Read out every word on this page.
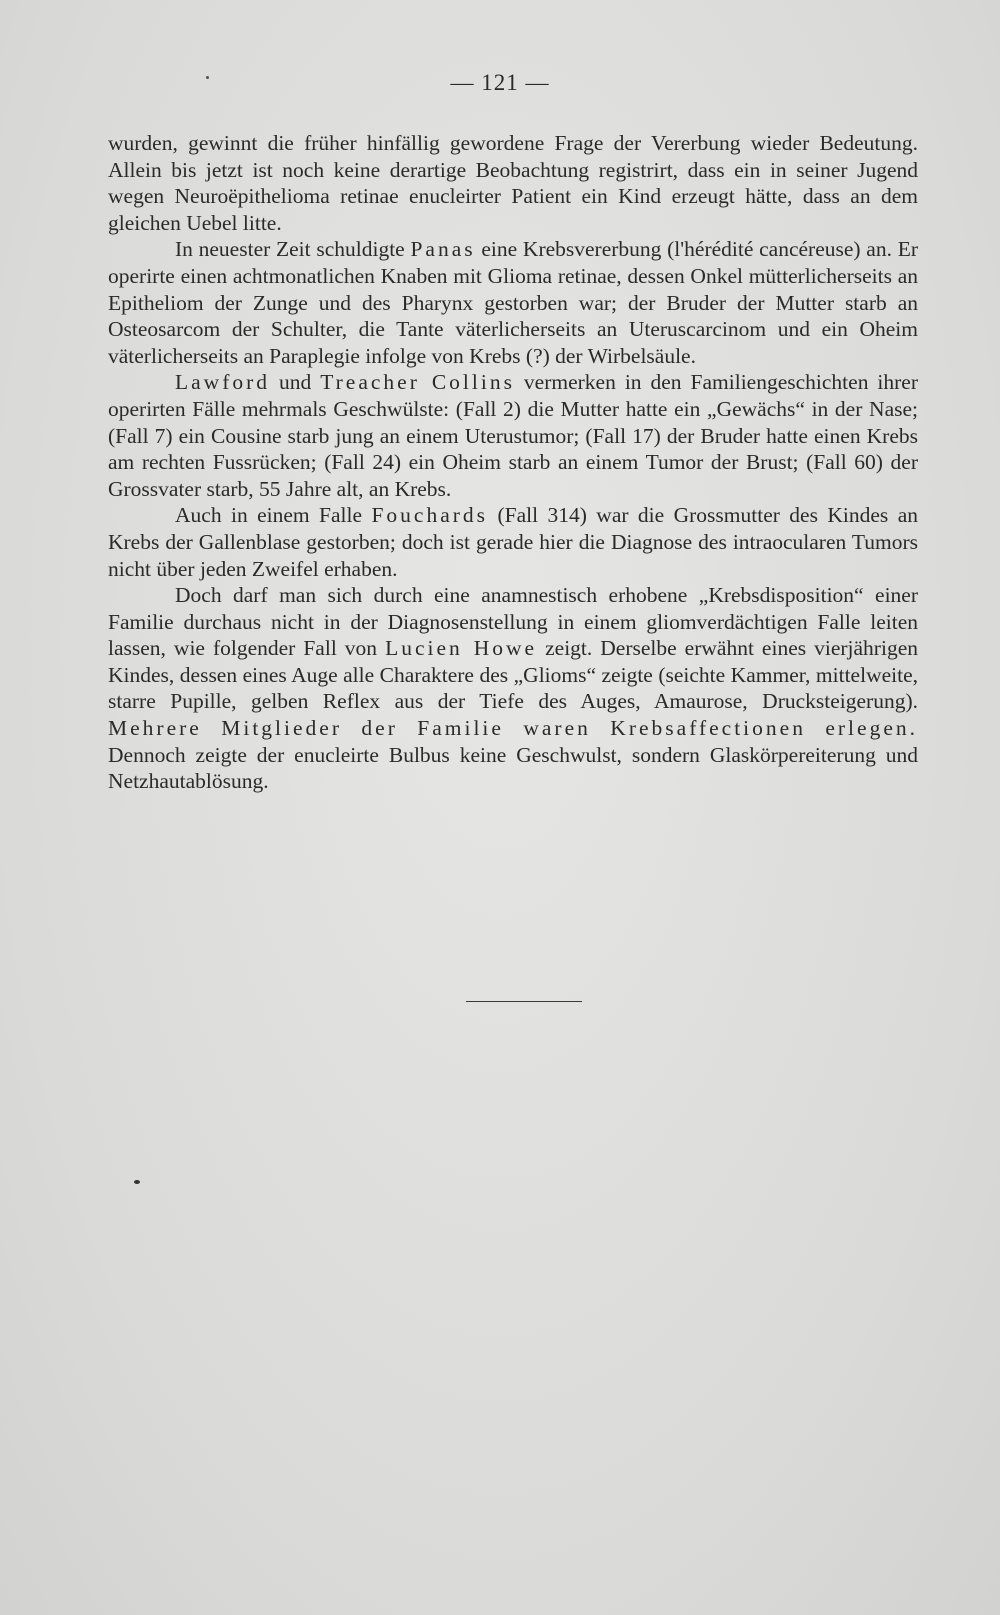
— 121 —

wurden, gewinnt die früher hinfällig gewordene Frage der Vererbung wieder Bedeutung. Allein bis jetzt ist noch keine derartige Beobachtung registrirt, dass ein in seiner Jugend wegen Neuroëpithelioma retinae enucleirter Patient ein Kind erzeugt hätte, dass an dem gleichen Uebel litte.

In neuester Zeit schuldigte Panas eine Krebsvererbung (l'hérédité cancéreuse) an. Er operirte einen achtmonatlichen Knaben mit Glioma retinae, dessen Onkel mütterlicherseits an Epitheliom der Zunge und des Pharynx gestorben war; der Bruder der Mutter starb an Osteosarcom der Schulter, die Tante väterlicherseits an Uteruscarcinom und ein Oheim väterlicherseits an Paraplegie infolge von Krebs (?) der Wirbelsäule.

Lawford und Treacher Collins vermerken in den Familiengeschichten ihrer operirten Fälle mehrmals Geschwülste: (Fall 2) die Mutter hatte ein „Gewächs“ in der Nase; (Fall 7) ein Cousine starb jung an einem Uterustumor; (Fall 17) der Bruder hatte einen Krebs am rechten Fussrücken; (Fall 24) ein Oheim starb an einem Tumor der Brust; (Fall 60) der Grossvater starb, 55 Jahre alt, an Krebs.

Auch in einem Falle Fouchards (Fall 314) war die Grossmutter des Kindes an Krebs der Gallenblase gestorben; doch ist gerade hier die Diagnose des intraocularen Tumors nicht über jeden Zweifel erhaben.

Doch darf man sich durch eine anamnestisch erhobene „Krebsdisposition“ einer Familie durchaus nicht in der Diagnosenstellung in einem gliomverdächtigen Falle leiten lassen, wie folgender Fall von Lucien Howe zeigt. Derselbe erwähnt eines vierjährigen Kindes, dessen eines Auge alle Charaktere des „Glioms“ zeigte (seichte Kammer, mittelweite, starre Pupille, gelben Reflex aus der Tiefe des Auges, Amaurose, Drucksteigerung). Mehrere Mitglieder der Familie waren Krebsaffectionen erlegen. Dennoch zeigte der enucleirte Bulbus keine Geschwulst, sondern Glaskörpereiterung und Netzhautablösung.
